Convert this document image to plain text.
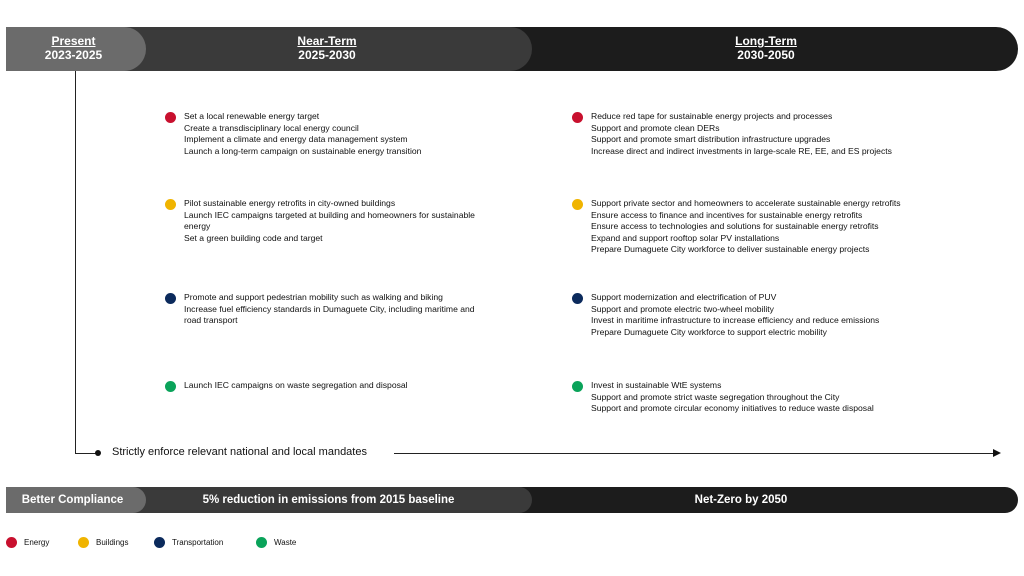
Long-Term
2030-2050
Near-Term
2025-2030
Present
2023-2025
Strictly enforce relevant national and local mandates
Set a local renewable energy target
Create a transdisciplinary local energy council
Implement a climate and energy data management system
Launch a long-term campaign on sustainable energy transition
Pilot sustainable energy retrofits in city-owned buildings
Launch IEC campaigns targeted at building and homeowners for sustainable energy
Set a green building code and target
Promote and support pedestrian mobility such as walking and biking
Increase fuel efficiency standards in Dumaguete City, including maritime and road transport
Launch IEC campaigns on waste segregation and disposal
Reduce red tape for sustainable energy projects and processes
Support and promote clean DERs
Support and promote smart distribution infrastructure upgrades
Increase direct and indirect investments in large-scale RE, EE, and ES projects
Support private sector and homeowners to accelerate sustainable energy retrofits
Ensure access to finance and incentives for sustainable energy retrofits
Ensure access to technologies and solutions for sustainable energy retrofits
Expand and support rooftop solar PV installations
Prepare Dumaguete City workforce to deliver sustainable energy projects
Support modernization and electrification of PUV
Support and promote electric two-wheel mobility
Invest in maritime infrastructure to increase efficiency and reduce emissions
Prepare Dumaguete City workforce to support electric mobility
Invest in sustainable WtE systems
Support and promote strict waste segregation throughout the City
Support and promote circular economy initiatives to reduce waste disposal
Net-Zero by 2050
5% reduction in emissions from 2015 baseline
Better Compliance
Energy	Buildings	Transportation	Waste
